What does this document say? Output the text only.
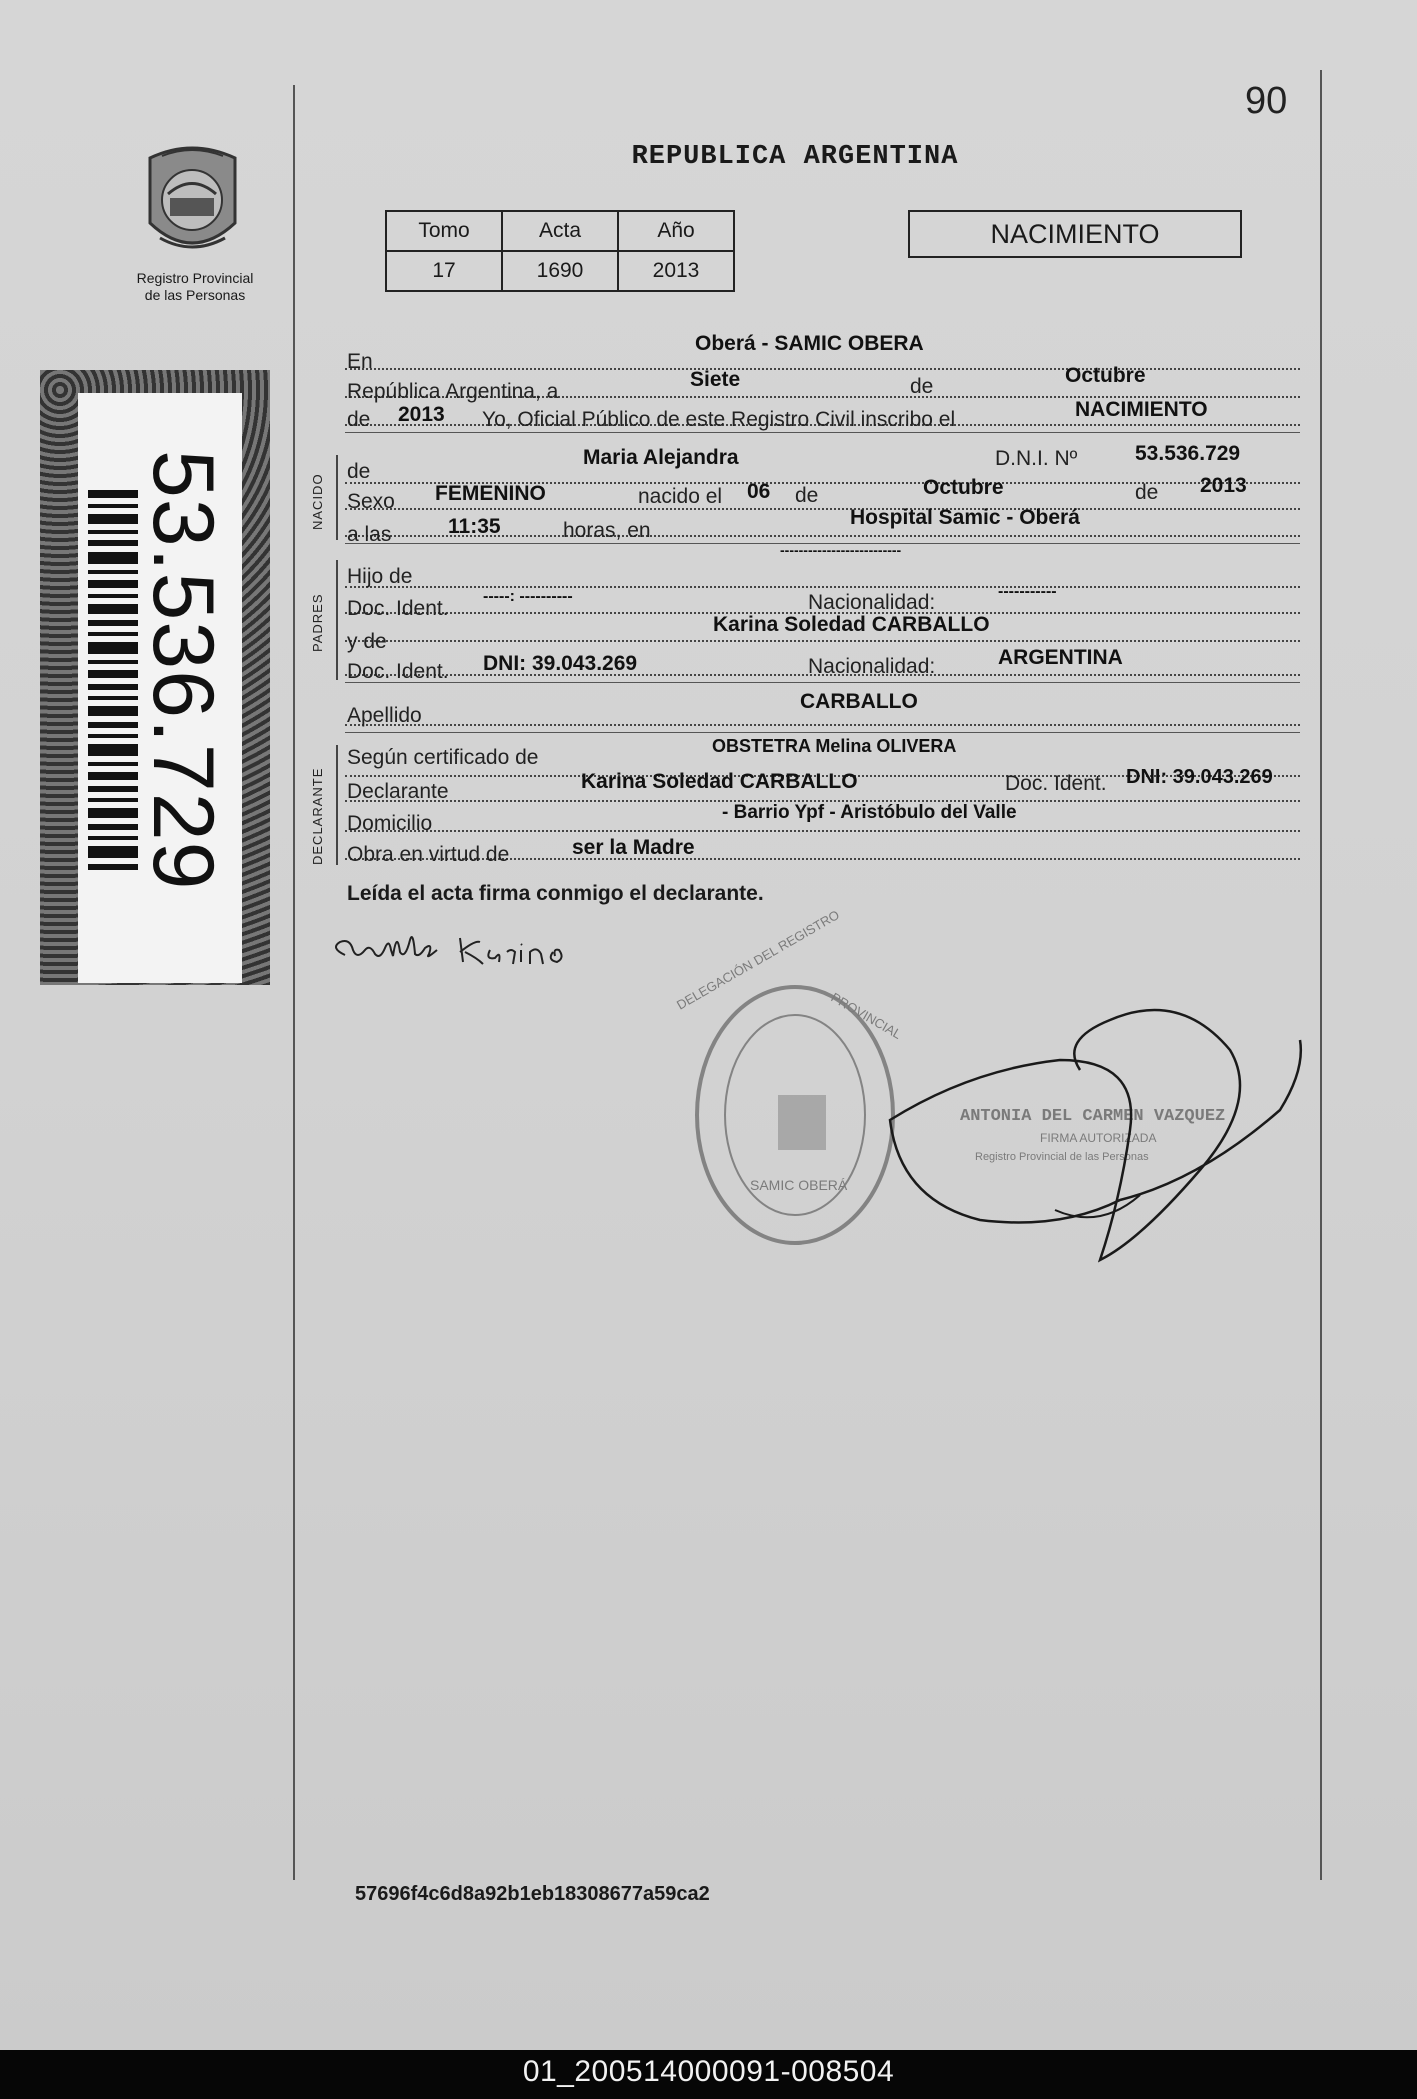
90
Registro Provincial
de las Personas
53.536.729
REPUBLICA ARGENTINA
Tomo	Acta	Año
17	1690	2013
NACIMIENTO
NACIDO
PADRES
DECLARANTE
En
Oberá - SAMIC OBERA
República Argentina, a
Siete	de	Octubre
de 2013 Yo, Oficial Público de este Registro Civil inscribo el	NACIMIENTO
de
Maria Alejandra	D.N.I. Nº	53.536.729
Sexo FEMENINO	nacido el 06 de	Octubre	de 2013
a las	11:35	horas, en
Hospital Samic - Oberá
Hijo de
--------------------------
Doc. Ident.
-----: ----------	Nacionalidad:	-----------
y de
Karina Soledad CARBALLO
Doc. Ident. DNI: 39.043.269	Nacionalidad:	ARGENTINA
Apellido
CARBALLO
Según certificado de	OBSTETRA Melina OLIVERA
Declarante	Karina Soledad CARBALLO	Doc. Ident. DNI: 39.043.269
Domicilio	- Barrio Ypf - Aristóbulo del Valle
Obra en virtud de	ser la Madre
Leída el acta firma conmigo el declarante.
DELEGACIÓN DEL REGISTRO
PROVINCIAL
SAMIC OBERÁ
ANTONIA DEL CARMEN VAZQUEZ
FIRMA AUTORIZADA
Registro Provincial de las Personas
57696f4c6d8a92b1eb18308677a59ca2
01_200514000091-008504
